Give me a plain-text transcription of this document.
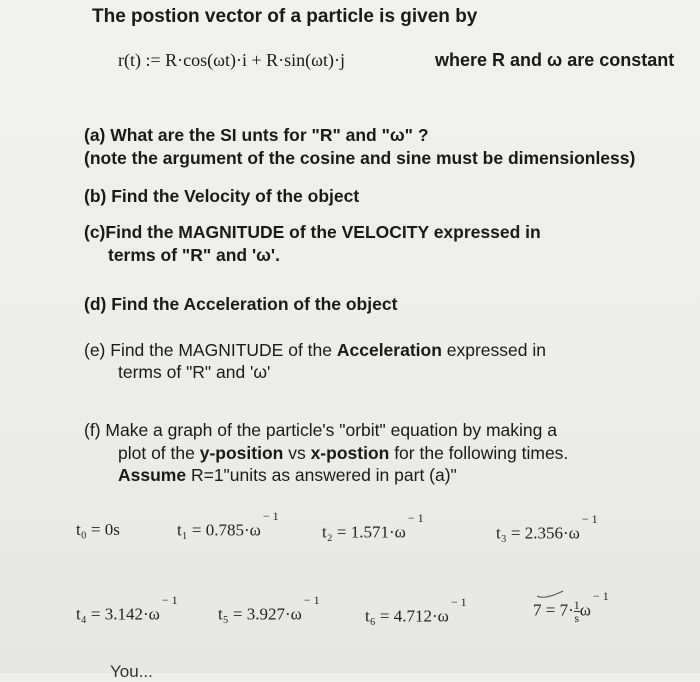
The postion vector of a particle is given by
r(t) := R·cos(ωt)·i + R·sin(ωt)·j	where R and ω are constant
(a) What are the SI unts for "R" and "ω" ?
(note the argument of the cosine and sine must be dimensionless)
(b) Find the Velocity of the object
(c)Find the MAGNITUDE of the VELOCITY expressed in
terms of "R" and 'ω'.
(d) Find the Acceleration of the object
(e) Find the MAGNITUDE of the Acceleration expressed in
terms of "R" and 'ω'
(f) Make a graph of the particle's "orbit" equation by making a
plot of the y-position vs x-postion for the following times.
Assume R=1"units as answered in part (a)"
t₀ = 0s	$t_1 = 0.785\cdot\omega^{- 1}$
$t_2 = 1.571\cdot\omega^{- 1}$
$t_3 = 2.356\cdot\omega^{- 1}$
$t_4 = 3.142\cdot\omega^{- 1}$
$t_5 = 3.927\cdot\omega^{- 1}$
$t_6 = 4.712\cdot\omega^{- 1}$	$7 = 7\cdot\frac{1}{s}\omega^{- 1}$
You...
